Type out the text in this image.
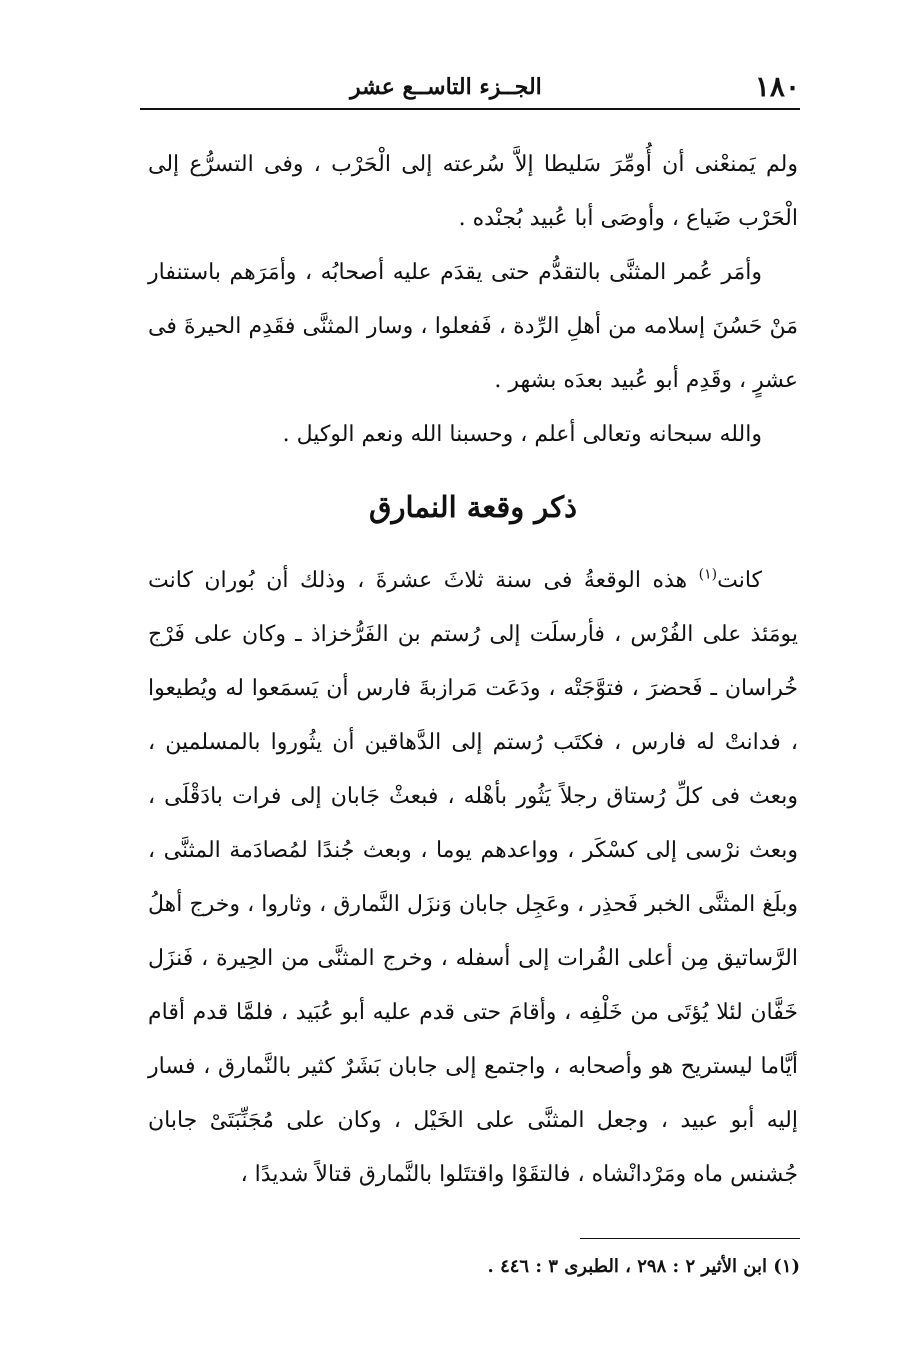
١٨٠
الجــزء التاســع عشر

ولم يَمنعْنى أن أُومِّرَ سَليطا إلاَّ سُرعته إلى الْحَرْب ، وفى التسرُّع إلى الْحَرْب ضَياع ، وأوصَى أبا عُبيد بُجنْده .

وأمَر عُمر المثنَّى بالتقدُّم حتى يقدَم عليه أصحابُه ، وأمَرَهم باستنفار مَنْ حَسُنَ إسلامه من أهلِ الرِّدة ، فَفعلوا ، وسار المثنَّى فقَدِم الحيرةَ فى عشرٍ ، وقَدِم أبو عُبيد بعدَه بشهر .

والله سبحانه وتعالى أعلم ، وحسبنا الله ونعم الوكيل .

ذكر وقعة النمارق

كانت$^{(١)}$ هذه الوقعةُ فى سنة ثلاثَ عشرةَ ، وذلك أن بُوران كانت يومَئذ على الفُرْس ، فأرسلَت إلى رُستم بن الفَرُّخزاذ ـ وكان على فَرْج خُراسان ـ فَحضرَ ، فتوَّجَتْه ، ودَعَت مَرازبةَ فارس أن يَسمَعوا له ويُطيعوا ، فدانتْ له فارس ، فكتَب رُستم إلى الدَّهاقين أن يثُوروا بالمسلمين ، وبعث فى كلِّ رُستاق رجلاً يَثُور بأهْله ، فبعثْ جَابان إلى فرات بادَقْلَى ، وبعث نرْسى إلى كسْكَر ، وواعدهم يوما ، وبعث جُندًا لمُصادَمة المثنَّى ، وبلَغ المثنَّى الخبر فَحذِر ، وعَجِل جابان وَنزَل النَّمارق ، وثاروا ، وخرج أهلُ الرَّساتيق مِن أعلى الفُرات إلى أسفله ، وخرج المثنَّى من الحِيرة ، فَنزَل خَفَّان لئلا يُؤتَى من خَلْفِه ، وأقامَ حتى قدم عليه أبو عُبَيد ، فلمَّا قدم أقام أيَّاما ليستريح هو وأصحابه ، واجتمع إلى جابان بَشَرٌ كثير بالنَّمارق ، فسار إليه أبو عبيد ، وجعل المثنَّى على الخَيْل ، وكان على مُجَنِّبَتَىْ جابان جُشنس ماه ومَرْدانْشاه ، فالتقَوْا واقتتَلوا بالنَّمارق قتالاً شديدًا ،

(١) ابن الأثير ٢ : ٢٩٨ ، الطبرى ٣ : ٤٤٦ .
